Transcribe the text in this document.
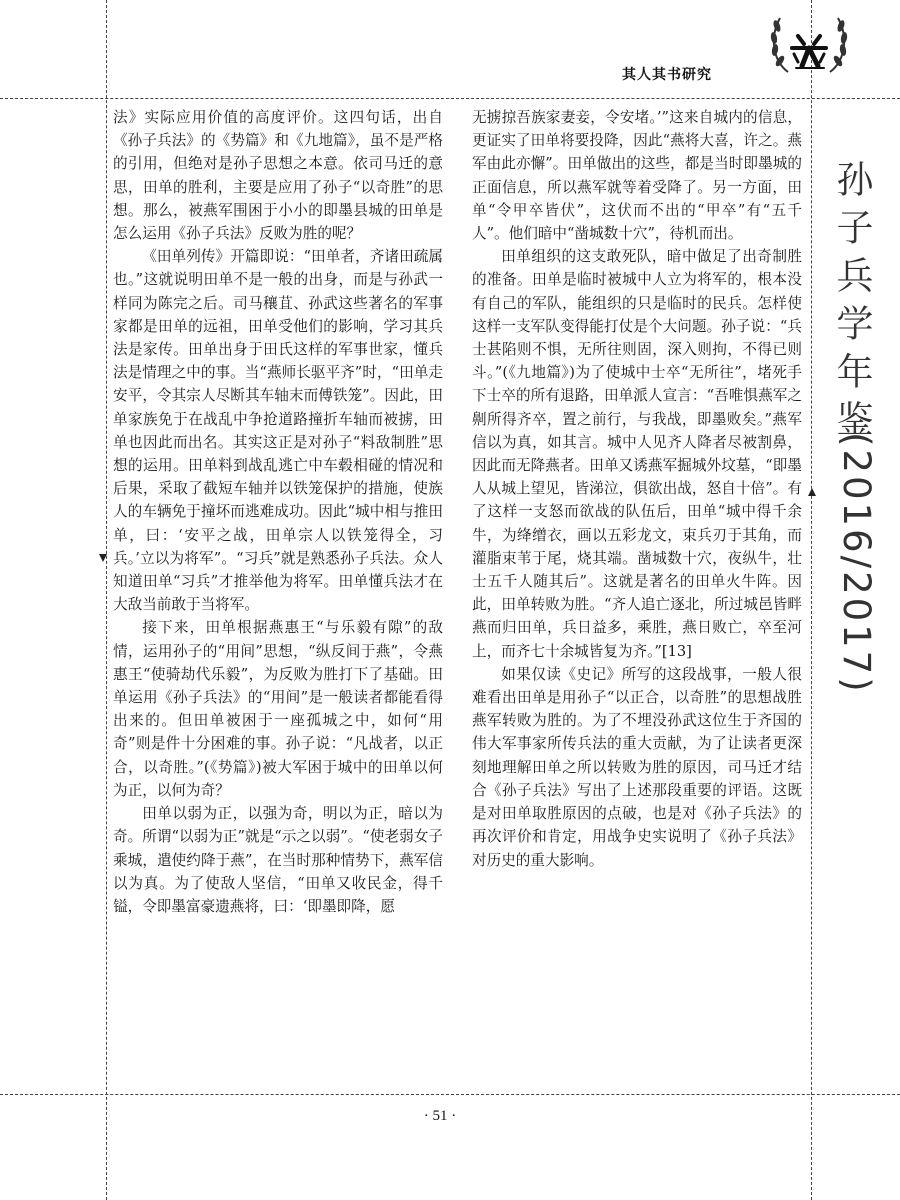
其人其书研究

法》实际应用价值的高度评价。这四句话，出自《孙子兵法》的《势篇》和《九地篇》，虽不是严格的引用，但绝对是孙子思想之本意。依司马迁的意思，田单的胜利，主要是应用了孙子“以奇胜”的思想。那么，被燕军围困于小小的即墨县城的田单是怎么运用《孙子兵法》反败为胜的呢？

《田单列传》开篇即说：“田单者，齐诸田疏属也。”这就说明田单不是一般的出身，而是与孙武一样同为陈完之后。司马穰苴、孙武这些著名的军事家都是田单的远祖，田单受他们的影响，学习其兵法是家传。田单出身于田氏这样的军事世家，懂兵法是情理之中的事。当“燕师长驱平齐”时，“田单走安平，令其宗人尽断其车轴末而傅铁笼”。因此，田单家族免于在战乱中争抢道路撞折车轴而被掳，田单也因此而出名。其实这正是对孙子“料敌制胜”思想的运用。田单料到战乱逃亡中车毂相碰的情况和后果，采取了截短车轴并以铁笼保护的措施，使族人的车辆免于撞坏而逃难成功。因此“城中相与推田单，曰：‘安平之战，田单宗人以铁笼得全，习兵。’立以为将军”。“习兵”就是熟悉孙子兵法。众人知道田单“习兵”才推举他为将军。田单懂兵法才在大敌当前敢于当将军。

接下来，田单根据燕惠王“与乐毅有隙”的敌情，运用孙子的“用间”思想，“纵反间于燕”，令燕惠王“使骑劫代乐毅”，为反败为胜打下了基础。田单运用《孙子兵法》的“用间”是一般读者都能看得出来的。但田单被困于一座孤城之中，如何“用奇”则是件十分困难的事。孙子说：“凡战者，以正合，以奇胜。”(《势篇》)被大军困于城中的田单以何为正，以何为奇？

田单以弱为正，以强为奇，明以为正，暗以为奇。所谓“以弱为正”就是“示之以弱”。“使老弱女子乘城，遣使约降于燕”，在当时那种情势下，燕军信以为真。为了使敌人坚信，“田单又收民金，得千镒，令即墨富豪遗燕将，曰：‘即墨即降，愿

无掳掠吾族家妻妾，令安堵。’”这来自城内的信息，更证实了田单将要投降，因此“燕将大喜，许之。燕军由此亦懈”。田单做出的这些，都是当时即墨城的正面信息，所以燕军就等着受降了。另一方面，田单“令甲卒皆伏”，这伏而不出的“甲卒”有“五千人”。他们暗中“凿城数十穴”，待机而出。

田单组织的这支敢死队，暗中做足了出奇制胜的准备。田单是临时被城中人立为将军的，根本没有自己的军队，能组织的只是临时的民兵。怎样使这样一支军队变得能打仗是个大问题。孙子说：“兵士甚陷则不惧，无所往则固，深入则拘，不得已则斗。”(《九地篇》)为了使城中士卒“无所往”，堵死手下士卒的所有退路，田单派人宣言：“吾唯惧燕军之劓所得齐卒，置之前行，与我战，即墨败矣。”燕军信以为真，如其言。城中人见齐人降者尽被割鼻，因此而无降燕者。田单又诱燕军掘城外坟墓，“即墨人从城上望见，皆涕泣，俱欲出战，怒自十倍”。有了这样一支怒而欲战的队伍后，田单“城中得千余牛，为绛缯衣，画以五彩龙文，束兵刃于其角，而灌脂束苇于尾，烧其端。凿城数十穴，夜纵牛，壮士五千人随其后”。这就是著名的田单火牛阵。因此，田单转败为胜。“齐人追亡逐北，所过城邑皆畔燕而归田单，兵日益多，乘胜，燕日败亡，卒至河上，而齐七十余城皆复为齐。”[13]

如果仅读《史记》所写的这段战事，一般人很难看出田单是用孙子“以正合，以奇胜”的思想战胜燕军转败为胜的。为了不埋没孙武这位生于齐国的伟大军事家所传兵法的重大贡献，为了让读者更深刻地理解田单之所以转败为胜的原因，司马迁才结合《孙子兵法》写出了上述那段重要的评语。这既是对田单取胜原因的点破，也是对《孙子兵法》的再次评价和肯定，用战争史实说明了《孙子兵法》对历史的重大影响。

孙子兵学年鉴
(2016/2017)
· 51 ·
